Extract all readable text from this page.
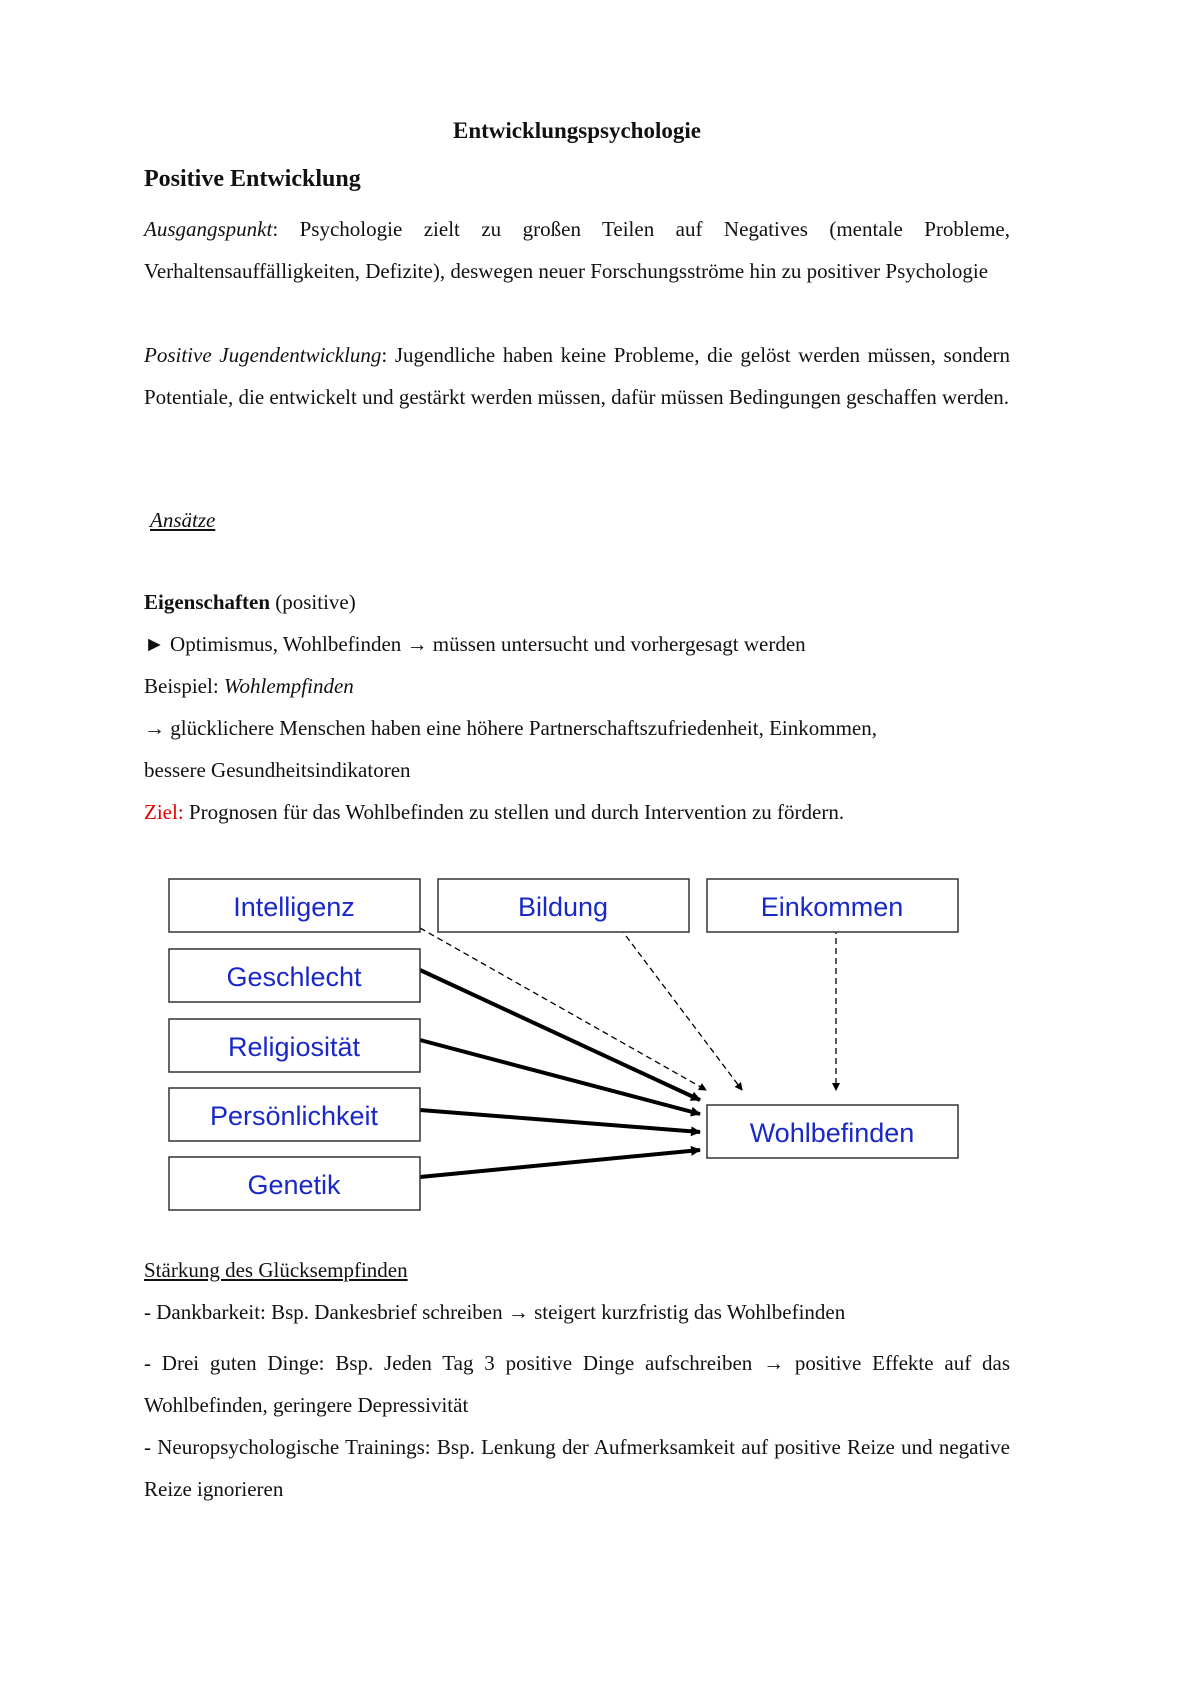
Entwicklungspsychologie
Positive Entwicklung
Ausgangspunkt: Psychologie zielt zu großen Teilen auf Negatives (mentale Probleme, Verhaltensauffälligkeiten, Defizite), deswegen neuer Forschungsströme hin zu positiver Psychologie
Positive Jugendentwicklung: Jugendliche haben keine Probleme, die gelöst werden müssen, sondern Potentiale, die entwickelt und gestärkt werden müssen, dafür müssen Bedingungen geschaffen werden.
Ansätze
Eigenschaften (positive)
► Optimismus, Wohlbefinden → müssen untersucht und vorhergesagt werden
Beispiel: Wohlempfinden
→ glücklichere Menschen haben eine höhere Partnerschaftszufriedenheit, Einkommen,
bessere Gesundheitsindikatoren
Ziel: Prognosen für das Wohlbefinden zu stellen und durch Intervention zu fördern.
Stärkung des Glücksempfinden
- Dankbarkeit: Bsp. Dankesbrief schreiben → steigert kurzfristig das Wohlbefinden
- Drei guten Dinge: Bsp. Jeden Tag 3 positive Dinge aufschreiben → positive Effekte auf das Wohlbefinden, geringere Depressivität
- Neuropsychologische Trainings: Bsp. Lenkung der Aufmerksamkeit auf positive Reize und negative Reize ignorieren
Intelligenz	Bildung	Einkommen
Geschlecht
Religiosität
Persönlichkeit
Genetik
Wohlbefinden
